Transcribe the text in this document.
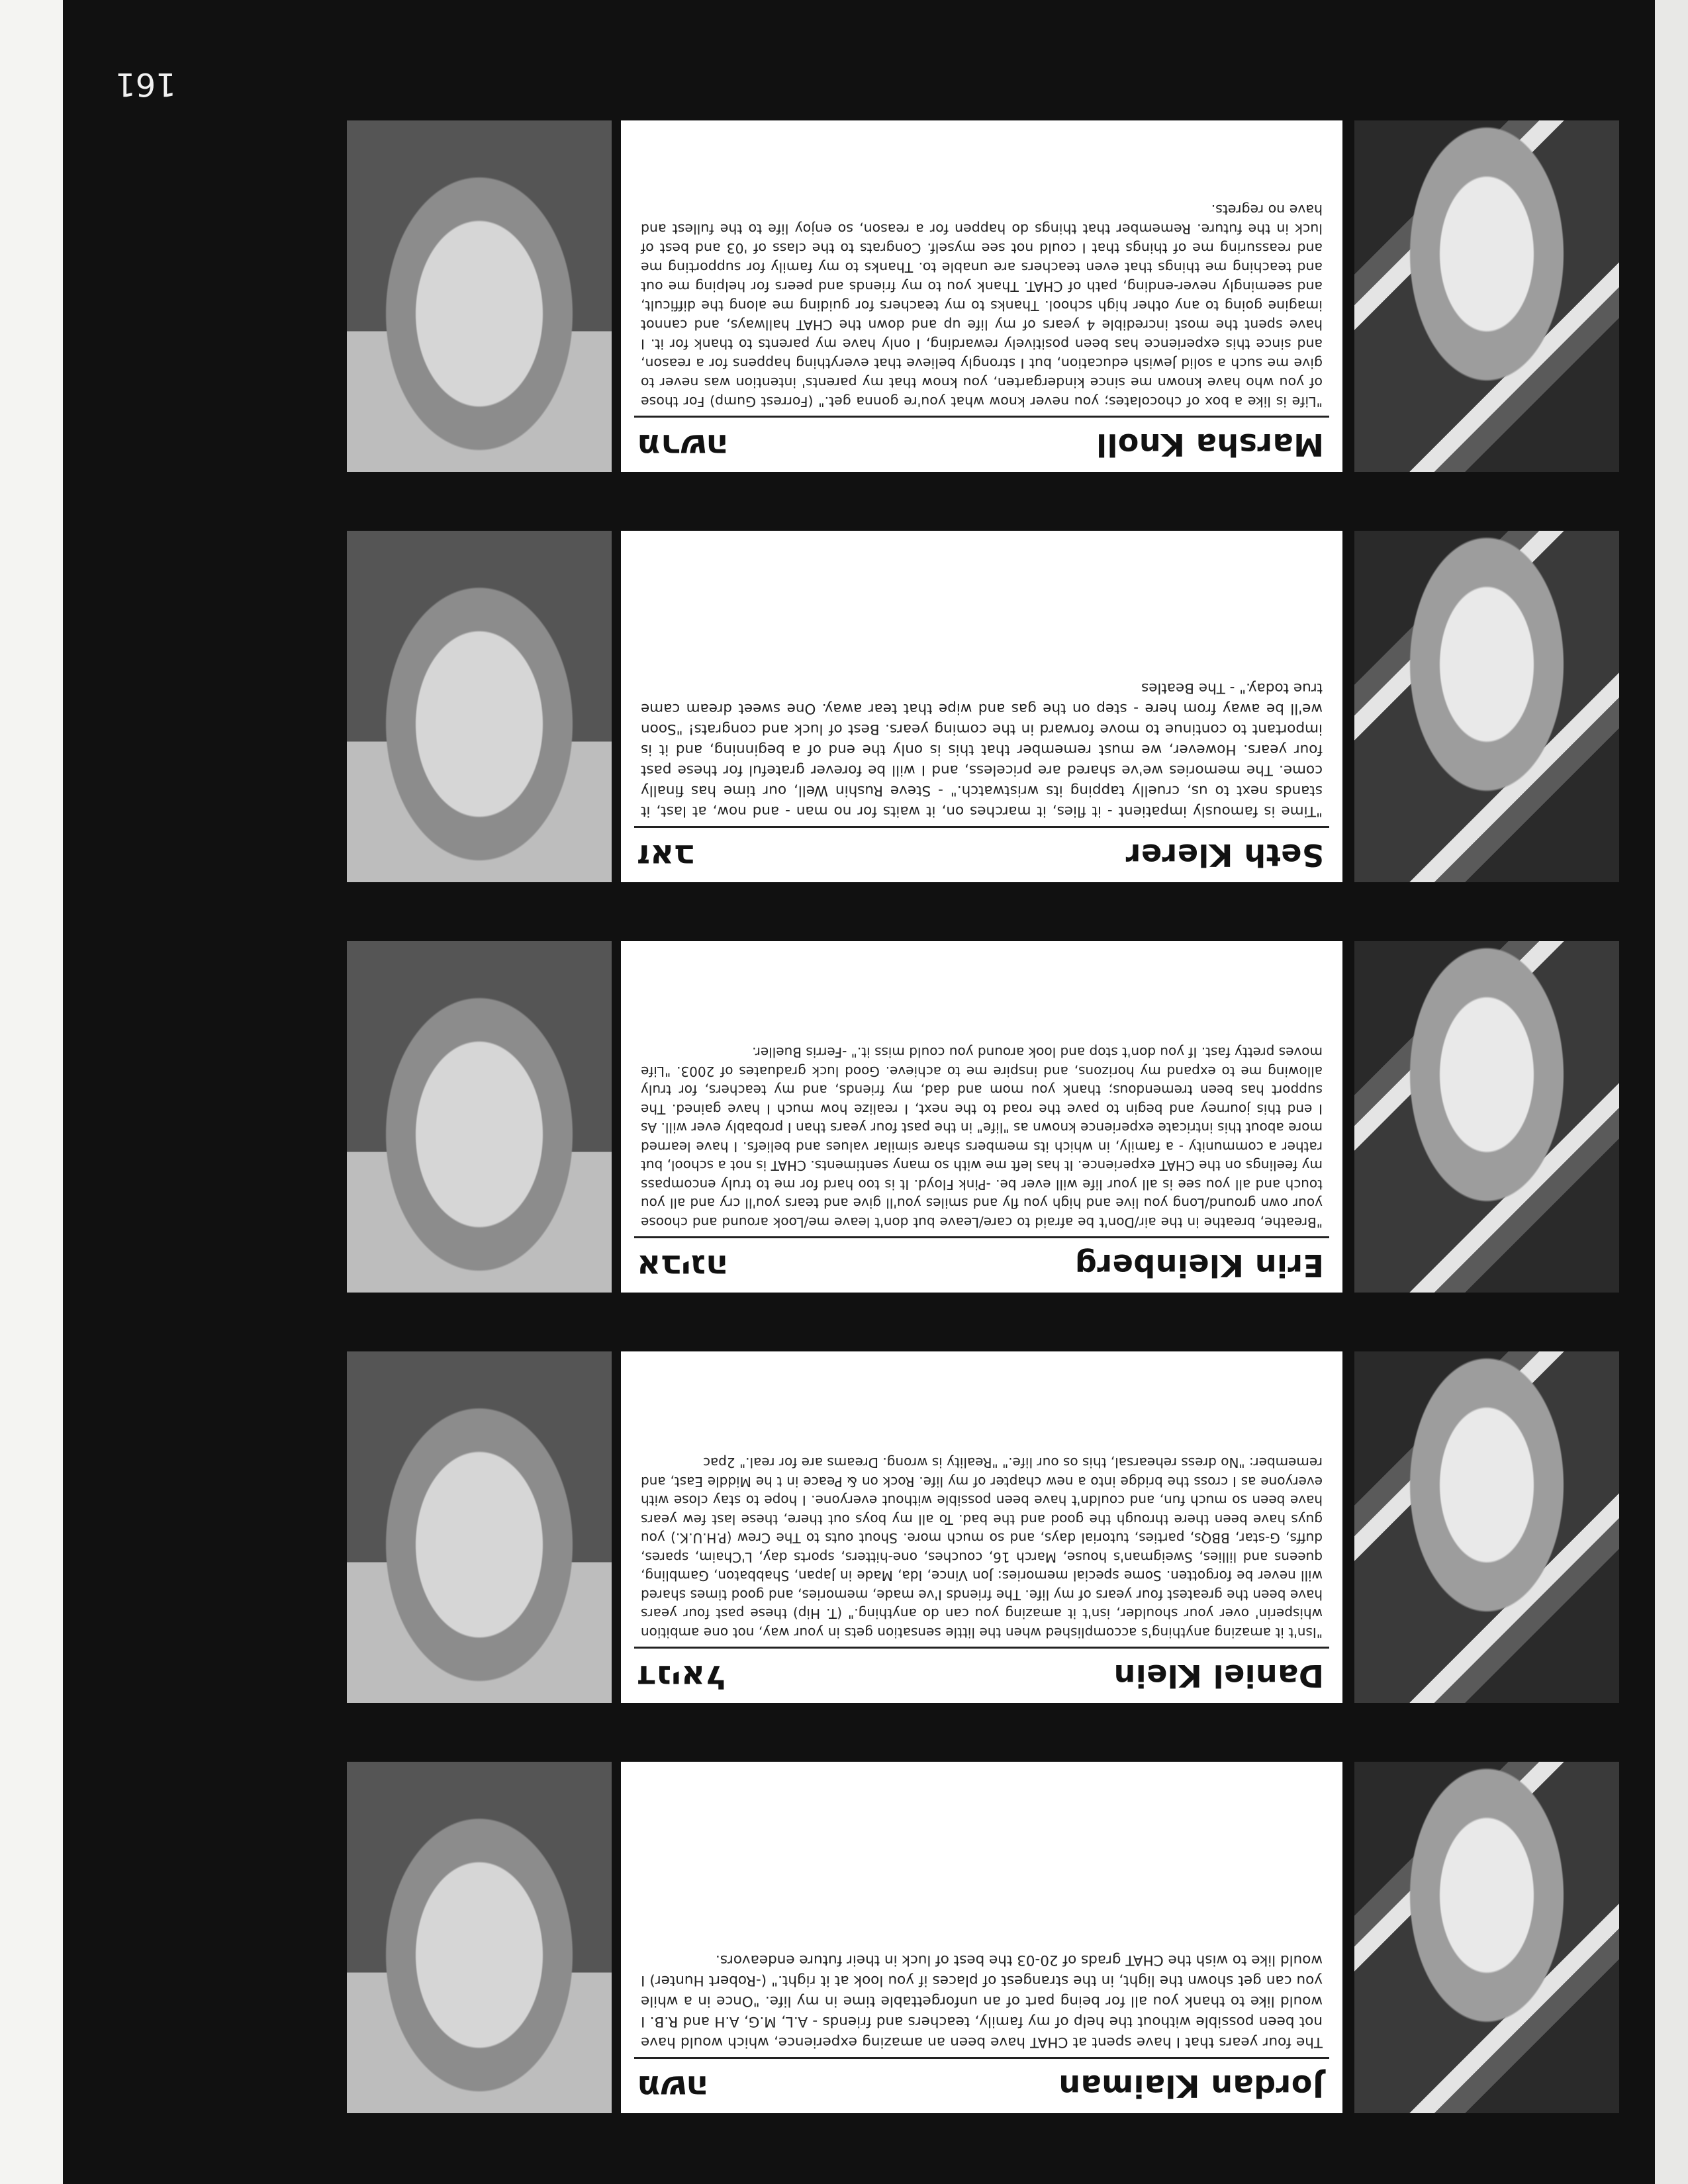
Jordan Klaiman
משה
The four years that I have spent at CHAT have been an amazing experience, which would have not been possible without the help of my family, teachers and friends - A.L, M.G, A.H and R.B. I would like to thank you all for being part of an unforgettable time in my life. "Once in a while you can get shown the light, in the strangest of places if you look at it right." (-Robert Hunter) I would like to wish the CHAT grads of 20-03 the best of luck in their future endeavors.
Daniel Klein
דניאל
"Isn't it amazing anything's accomplished when the little sensation gets in your way, not one ambition whisperin' over your shoulder, isn't it amazing you can do anything." (T. Hip) these past four years have been the greatest four years of my life. The friends I've made, memories, and good times shared will never be forgotten. Some special memories: Jon Vince, Ida, Made in Japan, Shabbaton, Gambling, queens and lillies, Sweigman's house, March 16, couches, one-hitters, sports day, L'Chaim, spares, duffs, G-star, BBQs, parties, tutorial days, and so much more. Shout outs to The Crew (P.H.U.K.) you guys have been there through the good and the bad. To all my boys out there, these last few years have been so much fun, and couldn't have been possible without everyone. I hope to stay close with everyone as I cross the bridge into a new chapter of my life. Rock on & Peace in t he Middle East, and remember: "No dress rehearsal, this os our life." "Reality is wrong. Dreams are for real." 2pac
Erin Kleinberg
אביגה
"Breathe, breathe in the air/Don't be afraid to care/Leave but don't leave me/Look around and choose your own ground/Long you live and high you fly and smiles you'll give and tears you'll cry and all you touch and all you see is all your life will ever be. -Pink Floyd. It is too hard for me to truly encompass my feelings on the CHAT experience. It has left me with so many sentiments. CHAT is not a school, but rather a community - a family, in which its members share similar values and beliefs. I have learned more about this intricate experience known as "life" in the past four years than I probably ever will. As I end this journey and begin to pave the road to the next, I realize how much I have gained. The support has been tremendous; thank you mom and dad, my friends, and my teachers, for truly allowing me to expand my horizons, and inspire me to achieve. Good luck graduates of 2003. "Life moves pretty fast. If you don't stop and look around you could miss it." -Ferris Bueller.
Seth Klerer
זאב
"Time is famously impatient - it flies, it marches on, it waits for no man - and now, at last, it stands next to us, cruelly tapping its wristwatch." - Steve Rushin Well, our time has finally come. The memories we've shared are priceless, and I will be forever grateful for these past four years. However, we must remember that this is only the end of a beginning, and it is important to continue to move forward in the coming years. Best of luck and congrats! "Soon we'll be away from here - step on the gas and wipe that tear away. One sweet dream came true today." - The Beatles
Marsha Knoll
מרשה
"Life is like a box of chocolates; you never know what you're gonna get." (Forrest Gump) For those of you who have known me since kindergarten, you know that my parents' intention was never to give me such a solid Jewish education, but I strongly believe that everything happens for a reason, and since this experience has been positively rewarding, I only have my parents to thank for it. I have spent the most incredible 4 years of my life up and down the CHAT hallways, and cannot imagine going to any other high school. Thanks to my teachers for guiding me along the difficult, and seemingly never-ending, path of CHAT. Thank you to my friends and peers for helping me out and teaching me things that even teachers are unable to. Thanks to my family for supporting me and reassuring me of things that I could not see myself. Congrats to the class of '03 and best of luck in the future. Remember that things do happen for a reason, so enjoy life to the fullest and have no regrets.
161
